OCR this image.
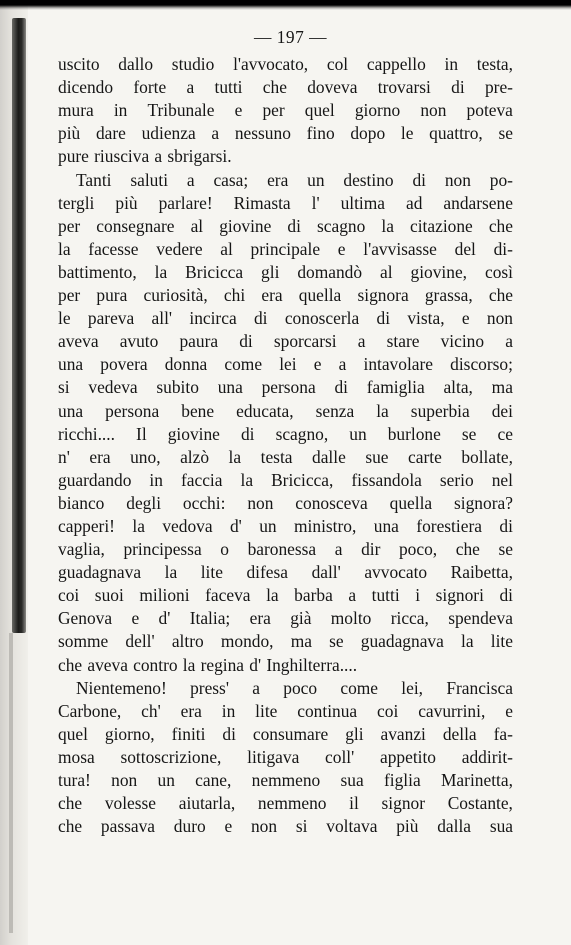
— 197 —
uscito dallo studio l'avvocato, col cappello in testa,
dicendo forte a tutti che doveva trovarsi di pre-
mura in Tribunale e per quel giorno non poteva
più dare udienza a nessuno fino dopo le quattro, se
pure riusciva a sbrigarsi.
Tanti saluti a casa; era un destino di non po-
tergli più parlare! Rimasta l' ultima ad andarsene
per consegnare al giovine di scagno la citazione che
la facesse vedere al principale e l'avvisasse del di-
battimento, la Bricicca gli domandò al giovine, così
per pura curiosità, chi era quella signora grassa, che
le pareva all' incirca di conoscerla di vista, e non
aveva avuto paura di sporcarsi a stare vicino a
una povera donna come lei e a intavolare discorso;
si vedeva subito una persona di famiglia alta, ma
una persona bene educata, senza la superbia dei
ricchi.... Il giovine di scagno, un burlone se ce
n' era uno, alzò la testa dalle sue carte bollate,
guardando in faccia la Bricicca, fissandola serio nel
bianco degli occhi: non conosceva quella signora?
capperi! la vedova d' un ministro, una forestiera di
vaglia, principessa o baronessa a dir poco, che se
guadagnava la lite difesa dall' avvocato Raibetta,
coi suoi milioni faceva la barba a tutti i signori di
Genova e d' Italia; era già molto ricca, spendeva
somme dell' altro mondo, ma se guadagnava la lite
che aveva contro la regina d' Inghilterra....
Nientemeno! press' a poco come lei, Francisca
Carbone, ch' era in lite continua coi cavurrini, e
quel giorno, finiti di consumare gli avanzi della fa-
mosa sottoscrizione, litigava coll' appetito addirit-
tura! non un cane, nemmeno sua figlia Marinetta,
che volesse aiutarla, nemmeno il signor Costante,
che passava duro e non si voltava più dalla sua
